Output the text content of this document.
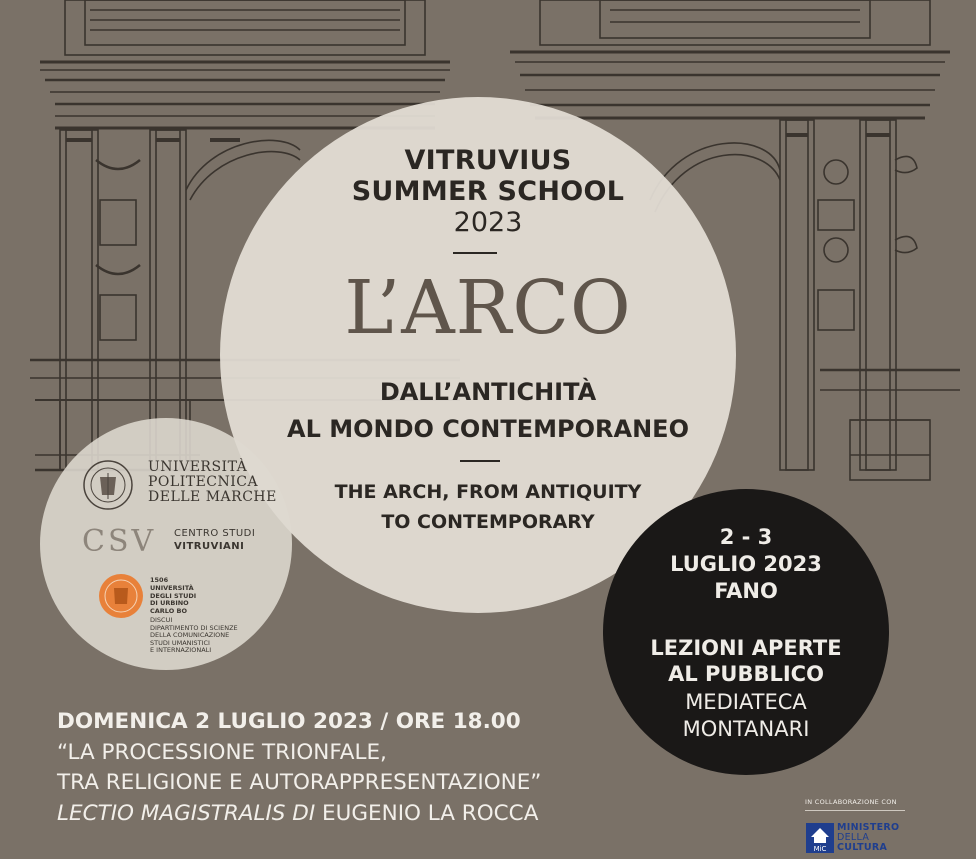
VITRUVIUS
SUMMER SCHOOL
2023
L’ARCO
DALL’ANTICHITÀ
AL MONDO CONTEMPORANEO
THE ARCH, FROM ANTIQUITY
TO CONTEMPORARY
UNIVERSITÀ
POLITECNICA
DELLE MARCHE
CSV CENTRO STUDI
VITRUVIANI
1506
UNIVERSITÀ
DEGLI STUDI
DI URBINO
CARLO BO
DISCUI
DIPARTIMENTO DI SCIENZE
DELLA COMUNICAZIONE
STUDI UMANISTICI
E INTERNAZIONALI
2 - 3
LUGLIO 2023
FANO
LEZIONI APERTE
AL PUBBLICO
MEDIATECA
MONTANARI
DOMENICA 2 LUGLIO 2023 / ORE 18.00
“LA PROCESSIONE TRIONFALE,
TRA RELIGIONE E AUTORAPPRESENTAZIONE”
LECTIO MAGISTRALIS DI EUGENIO LA ROCCA	IN COLLABORAZIONE CON
MiC
MINISTERO
DELLA
CULTURA
